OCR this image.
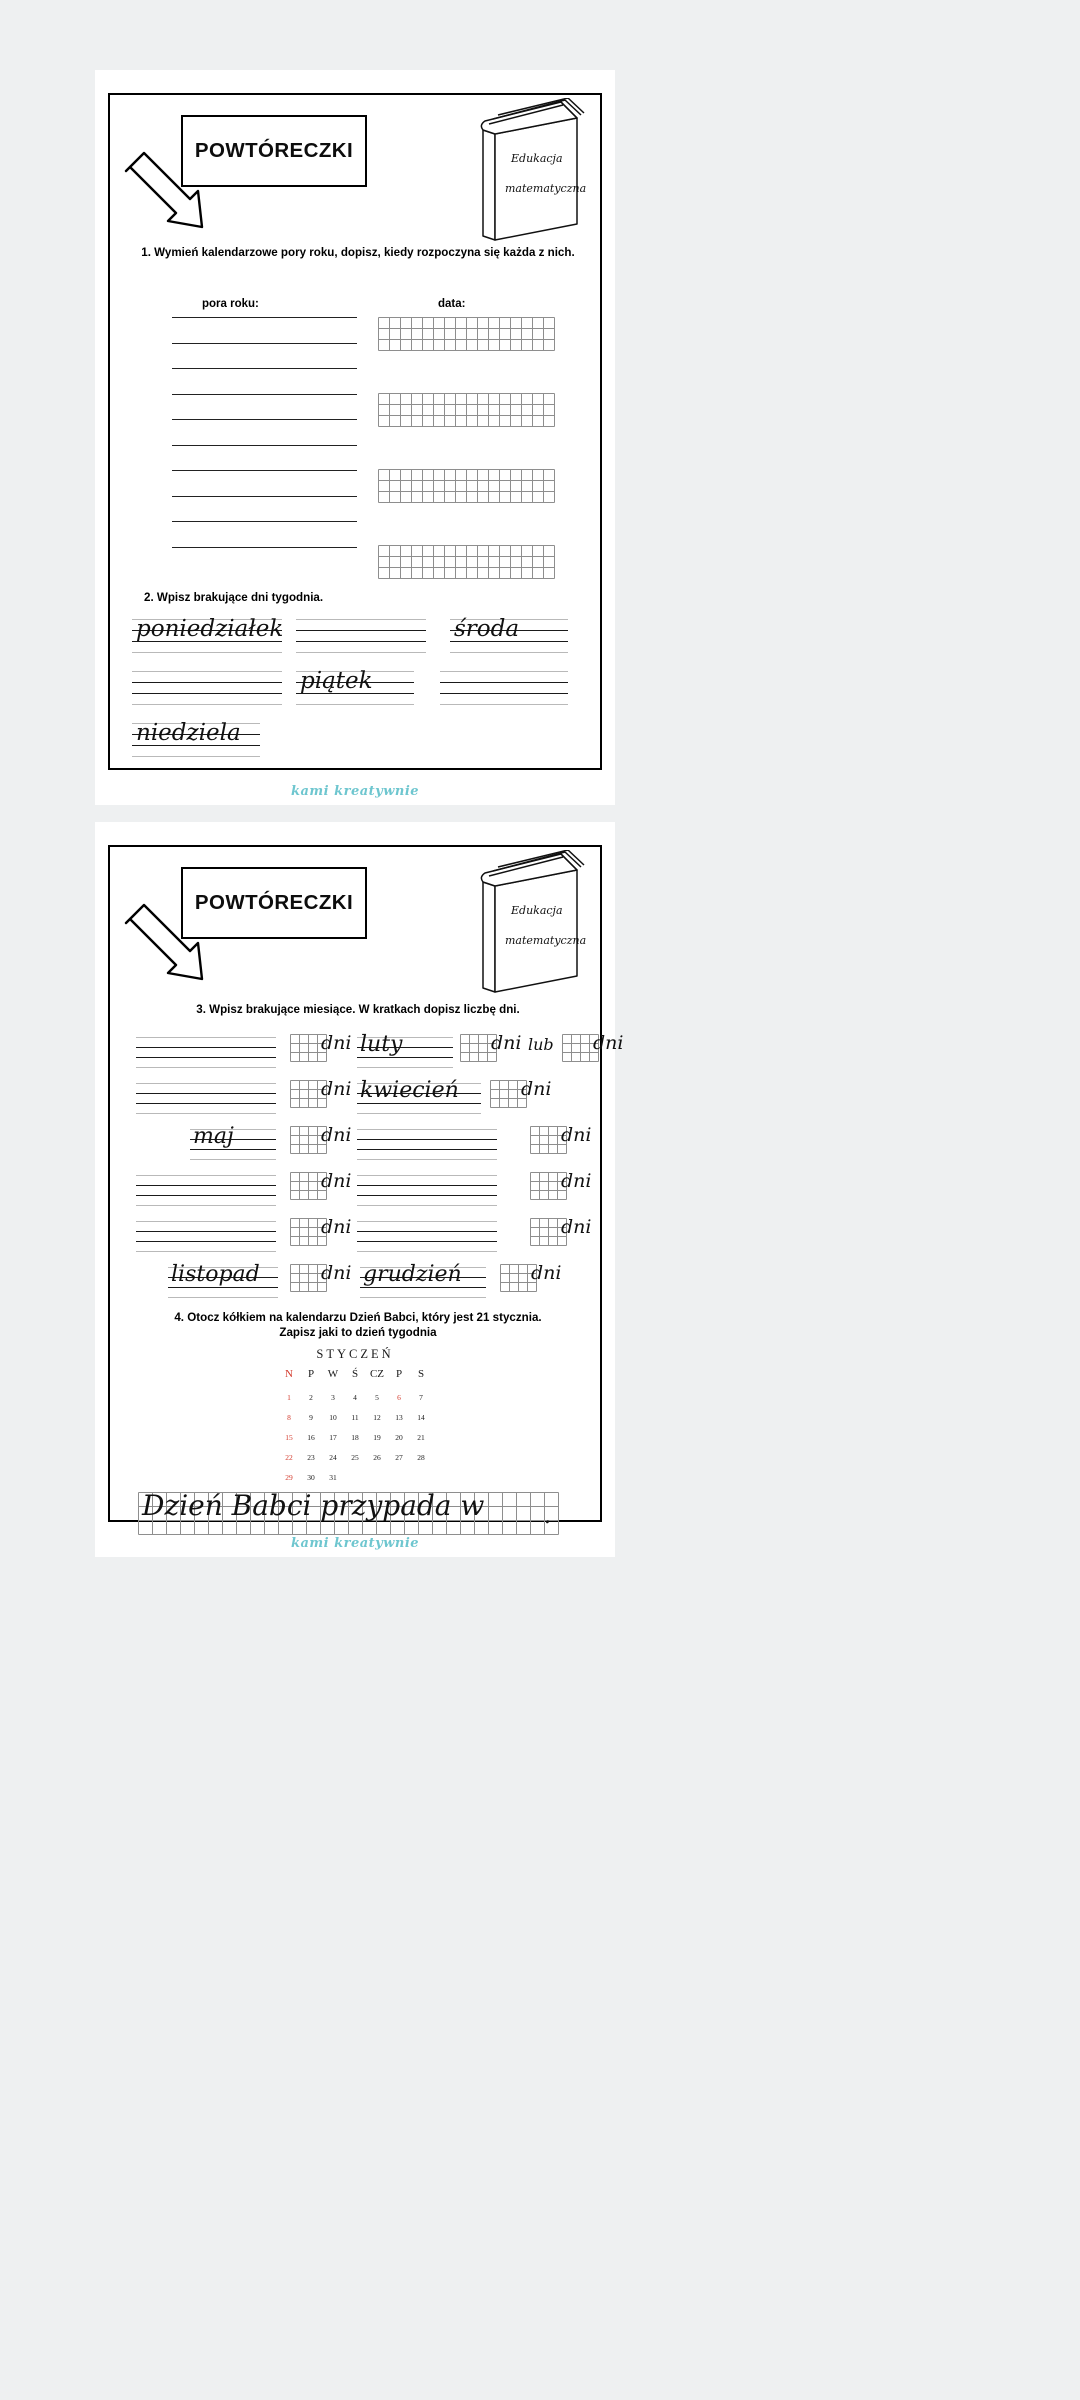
POWTÓRECZKI	Edukacja
matematyczna
1. Wymień kalendarzowe pory roku, dopisz, kiedy rozpoczyna się każda z nich.
pora roku:	data:
2. Wpisz brakujące dni tygodnia.
poniedziałek	środa
piątek
niedziela
kami kreatywnie
POWTÓRECZKI	Edukacja
matematyczna
3. Wpisz brakujące miesiące. W kratkach dopisz liczbę dni.
dni luty	dni lub dni
dni kwiecień	dni
maj	dni	dni
dni	dni
dni	dni
listopad	dni grudzień	dni
4. Otocz kółkiem na kalendarzu Dzień Babci, który jest 21 stycznia.
Zapisz jaki to dzień tygodnia
STYCZEŃ
N	P	W	Ś	CZ	P	S
1	2	3	4	5	6	7
8	9	10	11	12	13	14
15	16	17	18	19	20	21
22	23	24	25	26	27	28
29	30	31				
Dzień Babci przypada w	.
kami kreatywnie
